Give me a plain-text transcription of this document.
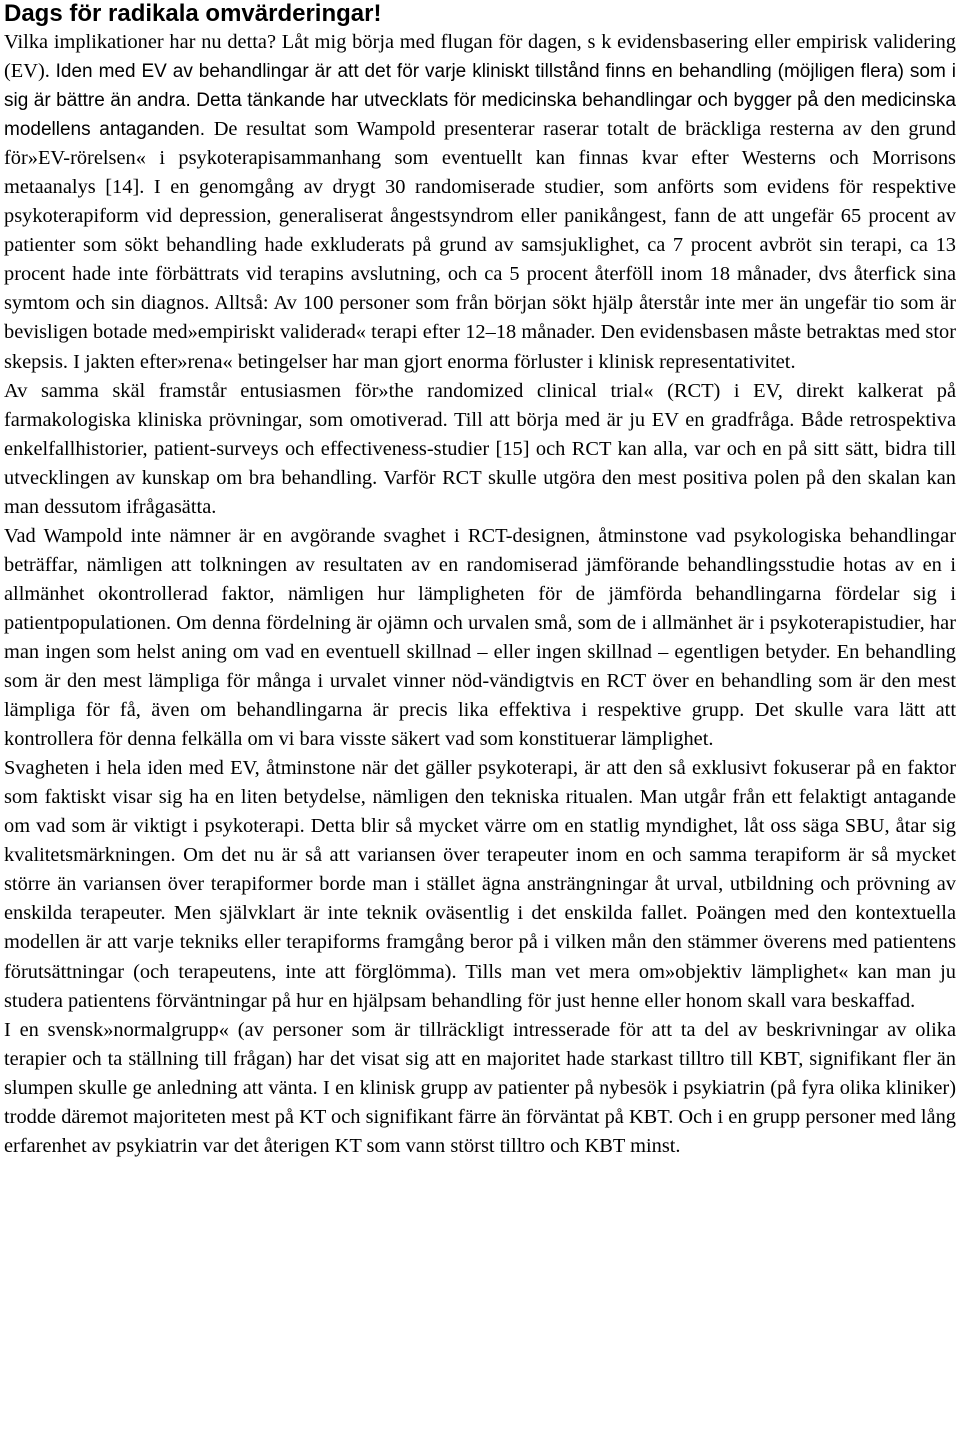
Dags för radikala omvärderingar!

Vilka implikationer har nu detta? Låt mig börja med flugan för dagen, s k evidensbasering eller empirisk validering (EV). Iden med EV av behandlingar är att det för varje kliniskt tillstånd finns en behandling (möjligen flera) som i sig är bättre än andra. Detta tänkande har utvecklats för medicinska behandlingar och bygger på den medicinska modellens antaganden. De resultat som Wampold presenterar raserar totalt de bräckliga resterna av den grund för»EV-rörelsen« i psykoterapisammanhang som eventuellt kan finnas kvar efter Westerns och Morrisons metaanalys [14]. I en genomgång av drygt 30 randomiserade studier, som anförts som evidens för respektive psykoterapiform vid depression, generaliserat ångestsyndrom eller panikångest, fann de att ungefär 65 procent av patienter som sökt behandling hade exkluderats på grund av samsjuklighet, ca 7 procent avbröt sin terapi, ca 13 procent hade inte förbättrats vid terapins avslutning, och ca 5 procent återföll inom 18 månader, dvs återfick sina symtom och sin diagnos. Alltså: Av 100 personer som från början sökt hjälp återstår inte mer än ungefär tio som är bevisligen botade med»empiriskt validerad« terapi efter 12–18 månader. Den evidensbasen måste betraktas med stor skepsis. I jakten efter»rena« betingelser har man gjort enorma förluster i klinisk representativitet.

Av samma skäl framstår entusiasmen för»the randomized clinical trial« (RCT) i EV, direkt kalkerat på farmakologiska kliniska prövningar, som omotiverad. Till att börja med är ju EV en gradfråga. Både retrospektiva enkelfallhistorier, patient-surveys och effectiveness-studier [15] och RCT kan alla, var och en på sitt sätt, bidra till utvecklingen av kunskap om bra behandling. Varför RCT skulle utgöra den mest positiva polen på den skalan kan man dessutom ifrågasätta.

Vad Wampold inte nämner är en avgörande svaghet i RCT-designen, åtminstone vad psykologiska behandlingar beträffar, nämligen att tolkningen av resultaten av en randomiserad jämförande behandlingsstudie hotas av en i allmänhet okontrollerad faktor, nämligen hur lämpligheten för de jämförda behandlingarna fördelar sig i patientpopulationen. Om denna fördelning är ojämn och urvalen små, som de i allmänhet är i psykoterapistudier, har man ingen som helst aning om vad en eventuell skillnad – eller ingen skillnad – egentligen betyder. En behandling som är den mest lämpliga för många i urvalet vinner nöd-vändigtvis en RCT över en behandling som är den mest lämpliga för få, även om behandlingarna är precis lika effektiva i respektive grupp. Det skulle vara lätt att kontrollera för denna felkälla om vi bara visste säkert vad som konstituerar lämplighet.

Svagheten i hela iden med EV, åtminstone när det gäller psykoterapi, är att den så exklusivt fokuserar på en faktor som faktiskt visar sig ha en liten betydelse, nämligen den tekniska ritualen. Man utgår från ett felaktigt antagande om vad som är viktigt i psykoterapi. Detta blir så mycket värre om en statlig myndighet, låt oss säga SBU, åtar sig kvalitetsmärkningen. Om det nu är så att variansen över terapeuter inom en och samma terapiform är så mycket större än variansen över terapiformer borde man i stället ägna ansträngningar åt urval, utbildning och prövning av enskilda terapeuter. Men självklart är inte teknik oväsentlig i det enskilda fallet. Poängen med den kontextuella modellen är att varje tekniks eller terapiforms framgång beror på i vilken mån den stämmer överens med patientens förutsättningar (och terapeutens, inte att förglömma). Tills man vet mera om»objektiv lämplighet« kan man ju studera patientens förväntningar på hur en hjälpsam behandling för just henne eller honom skall vara beskaffad.

I en svensk»normalgrupp« (av personer som är tillräckligt intresserade för att ta del av beskrivningar av olika terapier och ta ställning till frågan) har det visat sig att en majoritet hade starkast tilltro till KBT, signifikant fler än slumpen skulle ge anledning att vänta. I en klinisk grupp av patienter på nybesök i psykiatrin (på fyra olika kliniker) trodde däremot majoriteten mest på KT och signifikant färre än förväntat på KBT. Och i en grupp personer med lång erfarenhet av psykiatrin var det återigen KT som vann störst tilltro och KBT minst.
